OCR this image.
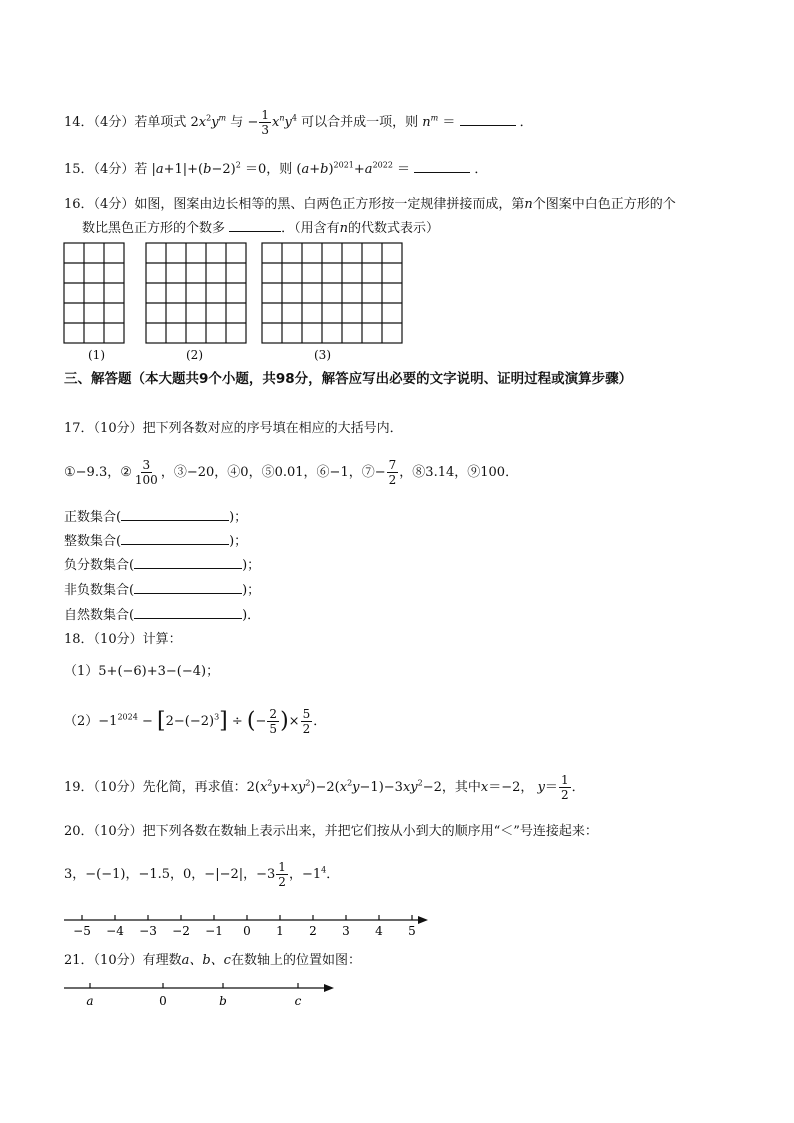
14．（4分）若单项式 $2x^2y^m$ 与 − $\frac{1}{3} x^ny^4$ 可以合并成一项，则 $n^m$ ＝	．
15．（4分）若 $|a+1|+(b-2)^2 =0$，则 $(a+b)^{2021}+a^{2022}$ ＝	．
16．（4分）如图，图案由边长相等的黑、白两色正方形按一定规律拼接而成，第n个图案中白色正方形的个
数比黑色正方形的个数多	．（用含有n的代数式表示）
(1)	(2)	(3)
三、解答题（本大题共9个小题，共98分，解答应写出必要的文字说明、证明过程或演算步骤）
17．（10分）把下列各数对应的序号填在相应的大括号内．
①−9.3，② $\frac{3}{100}$ ，③−20，④0，⑤0.01，⑥−1，⑦− $\frac{7}{2}$ ，⑧3.14，⑨100．
正数集合(	)；
整数集合(	)；
负分数集合(	)；
非负数集合(	)；
自然数集合(	)．
18．（10分）计算：
（1）5+(−6)+3−(−4)；
$(2)-1^{2024} - [2-(-2)^3]$ ÷ (− $\frac{2}{5}$ )× $\frac{5}{2}$ ．
19．（10分）先化简，再求值：$2(x^2y+xy^2)-2(x^2y-1)-3xy^2-2$，其中x＝−2， $y= \frac{1}{2}$ ．
20．（10分）把下列各数在数轴上表示出来，并把它们按从小到大的顺序用“＜”号连接起来：
3，−(−1)，−1.5，0，−|−2|，$-3 \frac{1}{2}$ ，$-1^4$．
−5 −4 −3 −2 −1 0 1 2 3 4 5
21．（10分）有理数a、b、c在数轴上的位置如图：
a	0	b	c
